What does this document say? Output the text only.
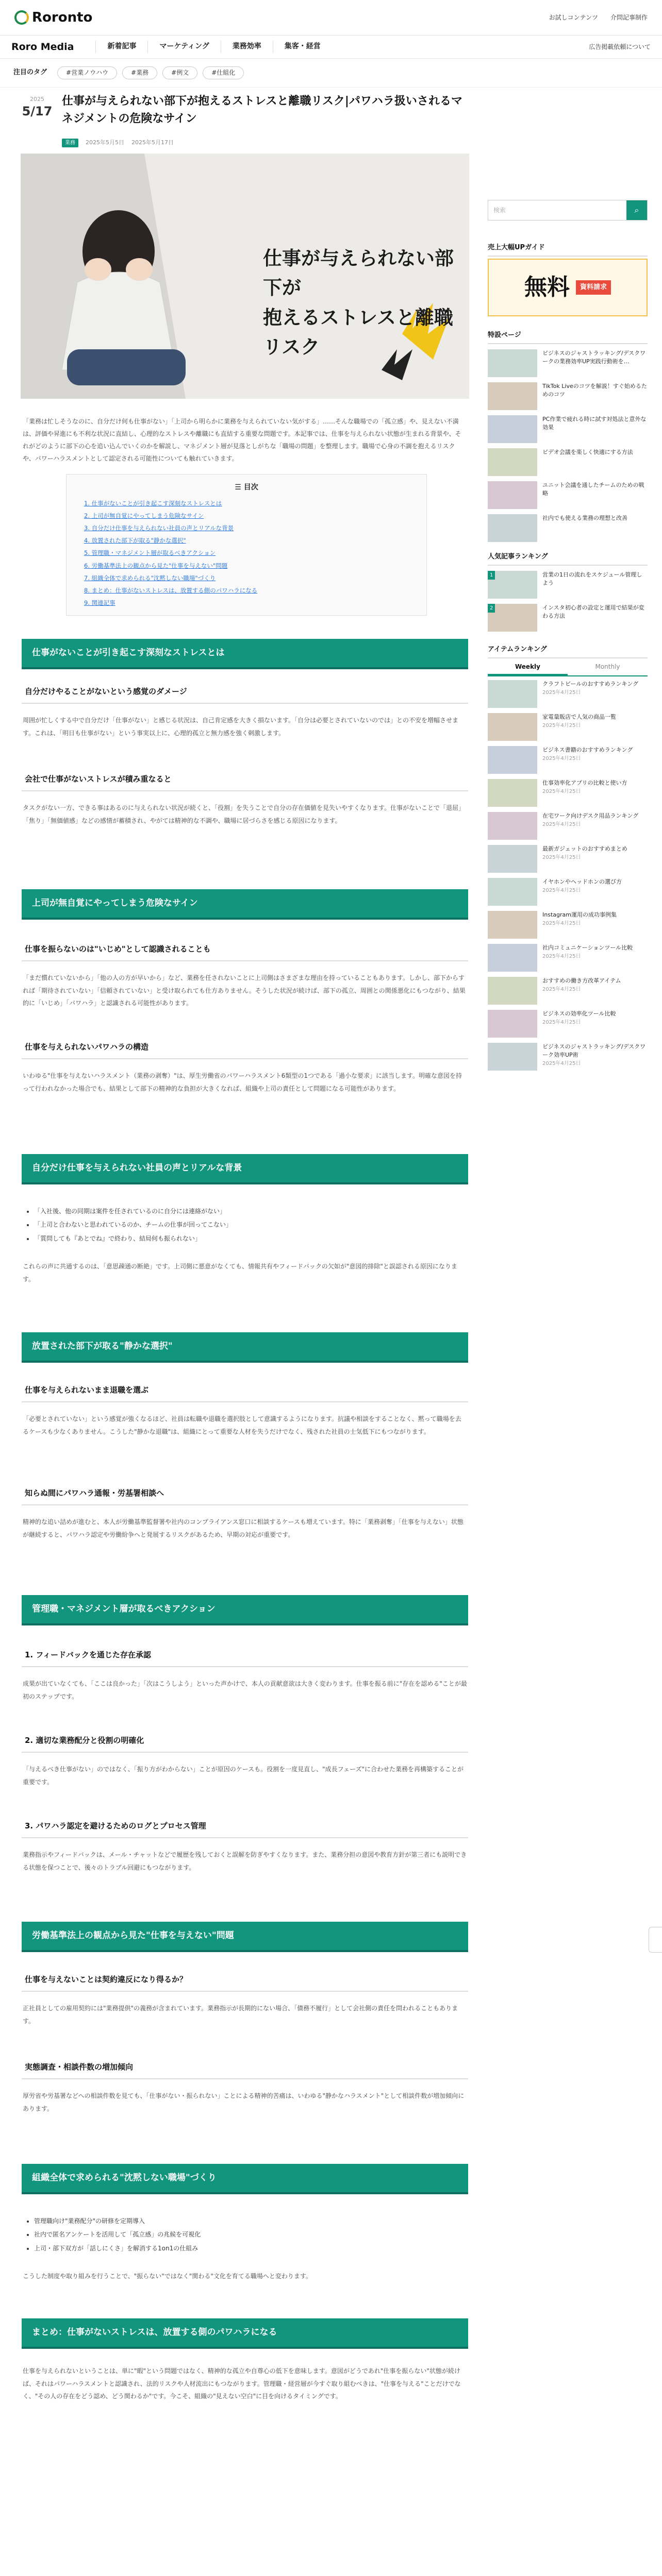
Roronto	お試しコンテンツ 介問記事制作
Roro Media	新着記事	マーケティング	業務効率	集客・経営	広告掲載依頼について
注目のタグ	#営業ノウハウ	#業務	#例文	#仕組化
2025
5/17
仕事が与えられない部下が抱えるストレスと離職リスク|パワハラ扱いされるマネジメントの危険なサイン
業務	2025年5月5日 2025年5月17日
仕事が与えられない部下が
抱えるストレスと離職リスク

「業務は忙しそうなのに、自分だけ何も仕事がない」「上司から明らかに業務を与えられていない気がする」……そんな職場での「孤立感」や、見えない不満は、評価や昇進にも不利な状況に直結し、心理的なストレスや離職にも直結する重要な問題です。本記事では、仕事を与えられない状態が生まれる背景や、それがどのように部下の心を追い込んでいくのかを解説し、マネジメント層が見落としがちな「職場の問題」を整理します。職場で心身の不調を抱えるリスクや、パワーハラスメントとして認定される可能性についても触れていきます。

☰ 目次
1. 仕事がないことが引き起こす深刻なストレスとは
2. 上司が無自覚にやってしまう危険なサイン
3. 自分だけ仕事を与えられない社員の声とリアルな背景
4. 放置された部下が取る"静かな選択"
5. 管理職・マネジメント層が取るべきアクション
6. 労働基準法上の観点から見た"仕事を与えない"問題
7. 組織全体で求められる"沈黙しない職場"づくり
8. まとめ：仕事がないストレスは、放置する側のパワハラになる
9. 関連記事
仕事がないことが引き起こす深刻なストレスとは
自分だけやることがないという感覚のダメージ

周囲が忙しくする中で自分だけ「仕事がない」と感じる状況は、自己肯定感を大きく損ないます。「自分は必要とされていないのでは」との不安を増幅させます。これは、「明日も仕事がない」という事実以上に、心理的孤立と無力感を強く刺激します。

会社で仕事がないストレスが積み重なると

タスクがない一方、できる事はあるのに与えられない状況が続くと、「役割」を失うことで自分の存在価値を見失いやすくなります。仕事がないことで「退屈」「焦り」「無価値感」などの感情が蓄積され、やがては精神的な不調や、職場に居づらさを感じる原因になります。

上司が無自覚にやってしまう危険なサイン
仕事を振らないのは"いじめ"として認識されることも

「まだ慣れていないから」「他の人の方が早いから」など、業務を任されないことに上司側はさまざまな理由を持っていることもあります。しかし、部下からすれば「期待されていない」「信頼されていない」と受け取られても仕方ありません。そうした状況が続けば、部下の孤立、周囲との関係悪化にもつながり、結果的に「いじめ」「パワハラ」と認識される可能性があります。

仕事を与えられないパワハラの構造

いわゆる"仕事を与えないハラスメント（業務の剥奪）"は、厚生労働省のパワーハラスメント6類型の1つである「過小な要求」に該当します。明確な意図を持って行われなかった場合でも、結果として部下の精神的な負担が大きくなれば、組織や上司の責任として問題になる可能性があります。

自分だけ仕事を与えられない社員の声とリアルな背景
• 「入社後、他の同期は案件を任されているのに自分には連絡がない」
• 「上司と合わないと思われているのか、チームの仕事が回ってこない」
• 「質問しても『あとでね』で終わり、結局何も振られない」

これらの声に共通するのは、「意思疎通の断絶」です。上司側に悪意がなくても、情報共有やフィードバックの欠如が"意図的排除"と誤認される原因になります。

放置された部下が取る"静かな選択"
仕事を与えられないまま退職を選ぶ

「必要とされていない」という感覚が強くなるほど、社員は転職や退職を選択肢として意識するようになります。抗議や相談をすることなく、黙って職場を去るケースも少なくありません。こうした"静かな退職"は、組織にとって重要な人材を失うだけでなく、残された社員の士気低下にもつながります。

知らぬ間にパワハラ通報・労基署相談へ

精神的な追い詰めが進むと、本人が労働基準監督署や社内のコンプライアンス窓口に相談するケースも増えています。特に「業務剥奪」「仕事を与えない」状態が継続すると、パワハラ認定や労働紛争へと発展するリスクがあるため、早期の対応が重要です。

管理職・マネジメント層が取るべきアクション
1. フィードバックを通じた存在承認

成果が出ていなくても、「ここは良かった」「次はこうしよう」といった声かけで、本人の貢献意欲は大きく変わります。仕事を振る前に"存在を認める"ことが最初のステップです。

2. 適切な業務配分と役割の明確化

「与えるべき仕事がない」のではなく、「振り方がわからない」ことが原因のケースも。役割を一度見直し、"成長フェーズ"に合わせた業務を再構築することが重要です。

3. パワハラ認定を避けるためのログとプロセス管理

業務指示やフィードバックは、メール・チャットなどで履歴を残しておくと誤解を防ぎやすくなります。また、業務分担の意図や教育方針が第三者にも説明できる状態を保つことで、後々のトラブル回避にもつながります。

労働基準法上の観点から見た"仕事を与えない"問題
仕事を与えないことは契約違反になり得るか？

正社員としての雇用契約には"業務提供"の義務が含まれています。業務指示が長期的にない場合、「債務不履行」として会社側の責任を問われることもあります。

実態調査・相談件数の増加傾向

厚労省や労基署などへの相談件数を見ても、「仕事がない・振られない」ことによる精神的苦痛は、いわゆる"静かなハラスメント"として相談件数が増加傾向にあります。

組織全体で求められる"沈黙しない職場"づくり
• 管理職向け"業務配分"の研修を定期導入
• 社内で匿名アンケートを活用して「孤立感」の兆候を可視化
• 上司・部下双方が「話しにくさ」を解消する1on1の仕組み

こうした制度や取り組みを行うことで、"振らない"ではなく"関わる"文化を育てる職場へと変わります。

まとめ：仕事がないストレスは、放置する側のパワハラになる

仕事を与えられないということは、単に"暇"という問題ではなく、精神的な孤立や自尊心の低下を意味します。意図がどうであれ"仕事を振らない"状態が続けば、それはパワーハラスメントと認識され、法的リスクや人材流出にもつながります。管理職・経営層が今すぐ取り組むべきは、"仕事を与える"ことだけでなく、"その人の存在をどう認め、どう関わるか"です。今こそ、組織の"見えない空白"に目を向けるタイミングです。

検索	⌕
売上大幅UPガイド
無料	資料請求
特設ページ
ビジネスのジャストラッキング/デスクワークの業務効率UP実践行動術を…
TikTok Liveのコツを解説！すぐ始めるためのコツ
PC作業で疲れる時に試す対処法と意外な効果
ビデオ会議を楽しく快適にする方法
ユニット会議を通したチームのための戦略
社内でも使える業務の理想と改善
人気記事ランキング
1	営業の1日の流れをスケジュール管理しよう
2	インスタ初心者の設定と運用で結果が変わる方法
Weekly	Monthly
アイテムランキング
クラフトビールのおすすめランキング
2025年4月25日
家電量販店で人気の商品一覧
2025年4月25日
ビジネス書籍のおすすめランキング
2025年4月25日
仕事効率化アプリの比較と使い方
2025年4月25日
在宅ワーク向けデスク用品ランキング
2025年4月25日
最新ガジェットのおすすめまとめ
2025年4月25日
イヤホンやヘッドホンの選び方
2025年4月25日
Instagram運用の成功事例集
2025年4月25日
社内コミュニケーションツール比較
2025年4月25日
おすすめの働き方改革アイテム
2025年4月25日
ビジネスの効率化ツール比較
2025年4月25日
ビジネスのジャストラッキング/デスクワーク効率UP術
2025年4月25日
